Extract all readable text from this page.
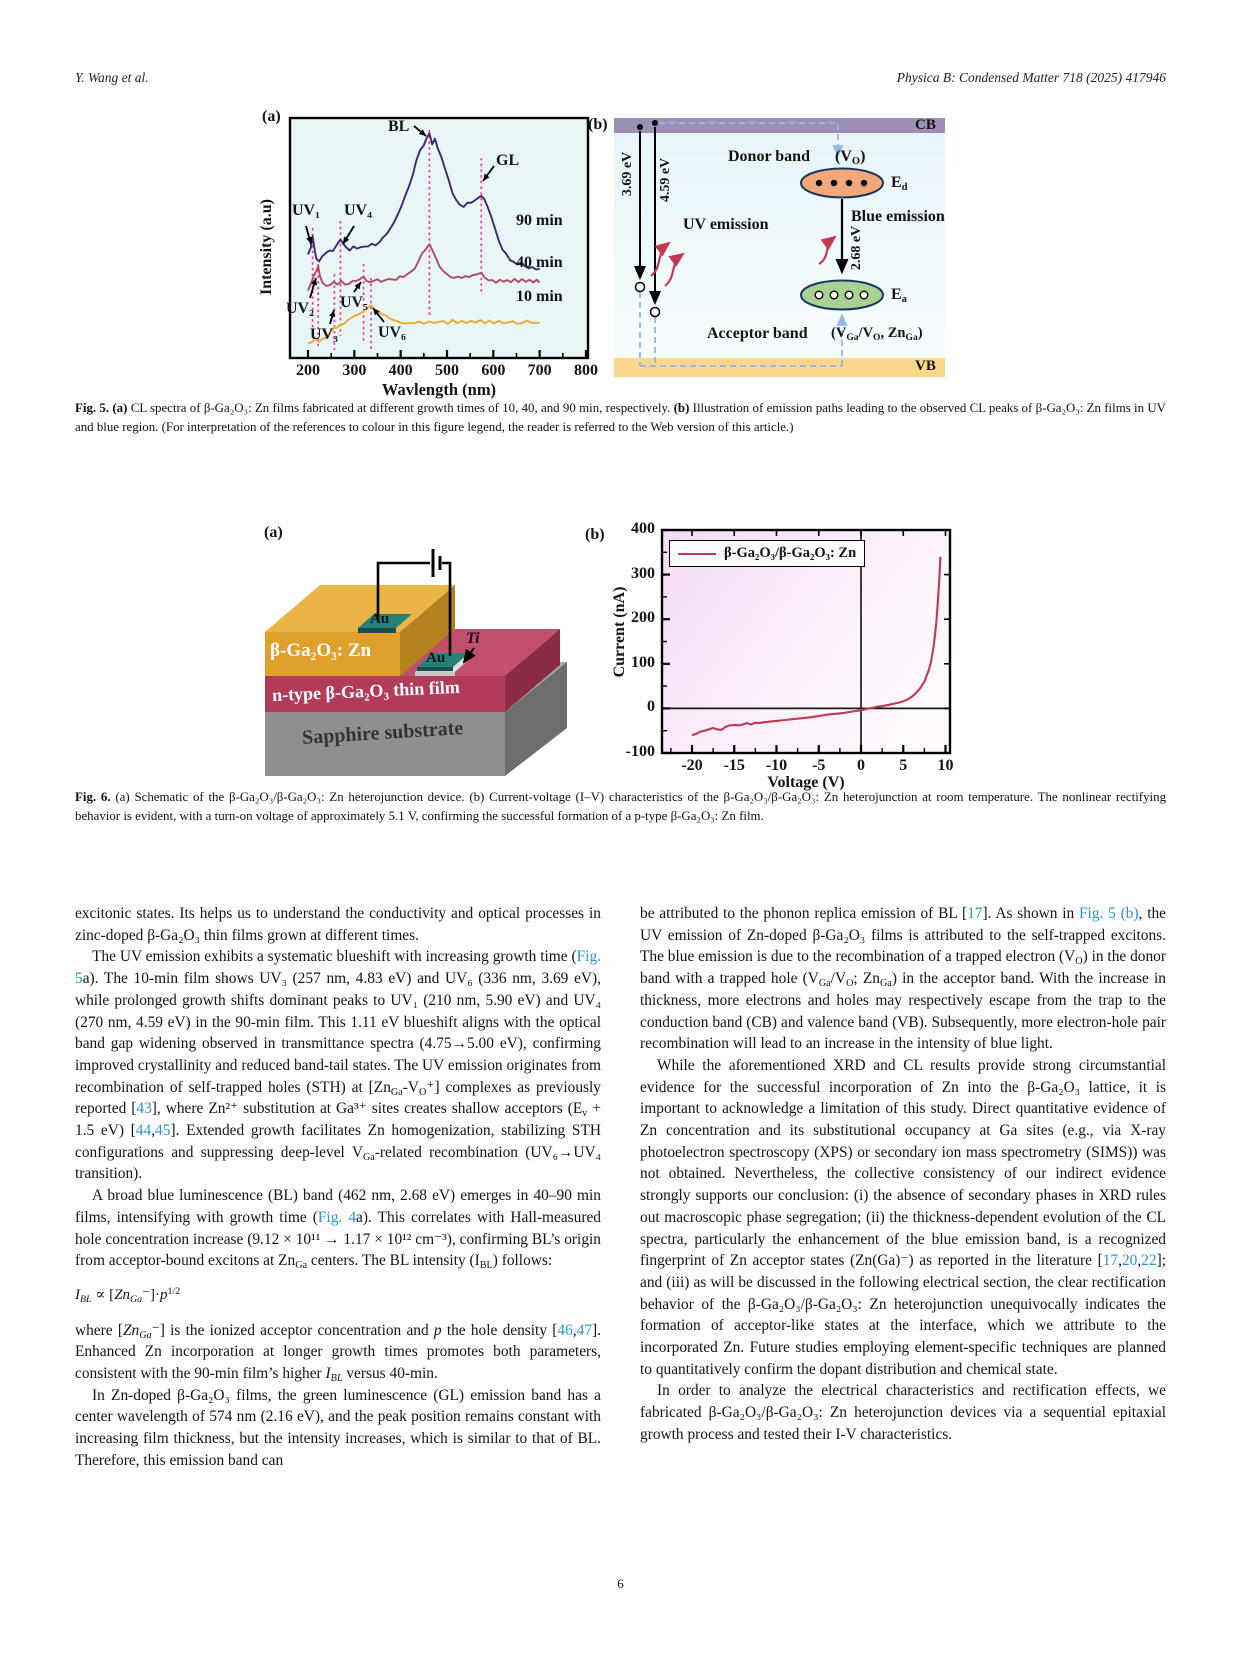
Y. Wang et al.	Physica B: Condensed Matter 718 (2025) 417946
(a)
Intensity (a.u)
Wavlength (nm)
200	300	400	500	600	700	800
BL
GL
UV₁ UV₄
UV₂ UV₅
UV₃	UV₆
90 min
40 min
10 min
(b)	CB
VB
3.69 eV 4.59 eV
UV emission
Donor band (VO)
Ed
Blue emission
2.68 eV
Ea
Acceptor band (VGa/VO, ZnGa)
Fig. 5. (a) CL spectra of β-Ga₂O₃: Zn films fabricated at different growth times of 10, 40, and 90 min, respectively. (b) Illustration of emission paths leading to the observed CL peaks of β-Ga₂O₃: Zn films in UV and blue region. (For interpretation of the references to colour in this figure legend, the reader is referred to the Web version of this article.)
(a)
β-Ga₂O₃: Zn
n-type β-Ga₂O₃ thin film
Sapphire substrate
Au
Au
Ti
(b)
Current (nA)
Voltage (V)
-20	-15	-10	-5	0	5	10
-100
0
100
200
300
400
β-Ga₂O₃/β-Ga₂O₃: Zn
Fig. 6. (a) Schematic of the β-Ga₂O₃/β-Ga₂O₃: Zn heterojunction device. (b) Current-voltage (I–V) characteristics of the β-Ga₂O₃/β-Ga₂O₃: Zn heterojunction at room temperature. The nonlinear rectifying behavior is evident, with a turn-on voltage of approximately 5.1 V, confirming the successful formation of a p-type β-Ga₂O₃: Zn film.

excitonic states. Its helps us to understand the conductivity and optical processes in zinc-doped β-Ga₂O₃ thin films grown at different times.

The UV emission exhibits a systematic blueshift with increasing growth time (Fig. 5a). The 10-min film shows UV₃ (257 nm, 4.83 eV) and UV₆ (336 nm, 3.69 eV), while prolonged growth shifts dominant peaks to UV₁ (210 nm, 5.90 eV) and UV₄ (270 nm, 4.59 eV) in the 90-min film. This 1.11 eV blueshift aligns with the optical band gap widening observed in transmittance spectra (4.75→5.00 eV), confirming improved crystallinity and reduced band-tail states. The UV emission originates from recombination of self-trapped holes (STH) at [ZnGa-VO⁺] complexes as previously reported [43], where Zn²⁺ substitution at Ga³⁺ sites creates shallow acceptors (Ev + 1.5 eV) [44,45]. Extended growth facilitates Zn homogenization, stabilizing STH configurations and suppressing deep-level VGa-related recombination (UV₆→UV₄ transition).

A broad blue luminescence (BL) band (462 nm, 2.68 eV) emerges in 40–90 min films, intensifying with growth time (Fig. 4a). This correlates with Hall-measured hole concentration increase (9.12 × 10¹¹ → 1.17 × 10¹² cm⁻³), confirming BL’s origin from acceptor-bound excitons at ZnGa centers. The BL intensity (IBL) follows:

IBL ∝ $[ZnGa^-]\cdot p^{1/2}$

where [ZnGa⁻] is the ionized acceptor concentration and p the hole density [46,47]. Enhanced Zn incorporation at longer growth times promotes both parameters, consistent with the 90-min film’s higher IBL versus 40-min.

In Zn-doped β-Ga₂O₃ films, the green luminescence (GL) emission band has a center wavelength of 574 nm (2.16 eV), and the peak position remains constant with increasing film thickness, but the intensity increases, which is similar to that of BL. Therefore, this emission band can

be attributed to the phonon replica emission of BL [17]. As shown in Fig. 5 (b), the UV emission of Zn-doped β-Ga₂O₃ films is attributed to the self-trapped excitons. The blue emission is due to the recombination of a trapped electron (VO) in the donor band with a trapped hole (VGa/VO; ZnGa) in the acceptor band. With the increase in thickness, more electrons and holes may respectively escape from the trap to the conduction band (CB) and valence band (VB). Subsequently, more electron-hole pair recombination will lead to an increase in the intensity of blue light.

While the aforementioned XRD and CL results provide strong circumstantial evidence for the successful incorporation of Zn into the β-Ga₂O₃ lattice, it is important to acknowledge a limitation of this study. Direct quantitative evidence of Zn concentration and its substitutional occupancy at Ga sites (e.g., via X-ray photoelectron spectroscopy (XPS) or secondary ion mass spectrometry (SIMS)) was not obtained. Nevertheless, the collective consistency of our indirect evidence strongly supports our conclusion: (i) the absence of secondary phases in XRD rules out macroscopic phase segregation; (ii) the thickness-dependent evolution of the CL spectra, particularly the enhancement of the blue emission band, is a recognized fingerprint of Zn acceptor states (Zn(Ga)⁻) as reported in the literature [17,20,22]; and (iii) as will be discussed in the following electrical section, the clear rectification behavior of the β-Ga₂O₃/β-Ga₂O₃: Zn heterojunction unequivocally indicates the formation of acceptor-like states at the interface, which we attribute to the incorporated Zn. Future studies employing element-specific techniques are planned to quantitatively confirm the dopant distribution and chemical state.

In order to analyze the electrical characteristics and rectification effects, we fabricated β-Ga₂O₃/β-Ga₂O₃: Zn heterojunction devices via a sequential epitaxial growth process and tested their I-V characteristics.

6
